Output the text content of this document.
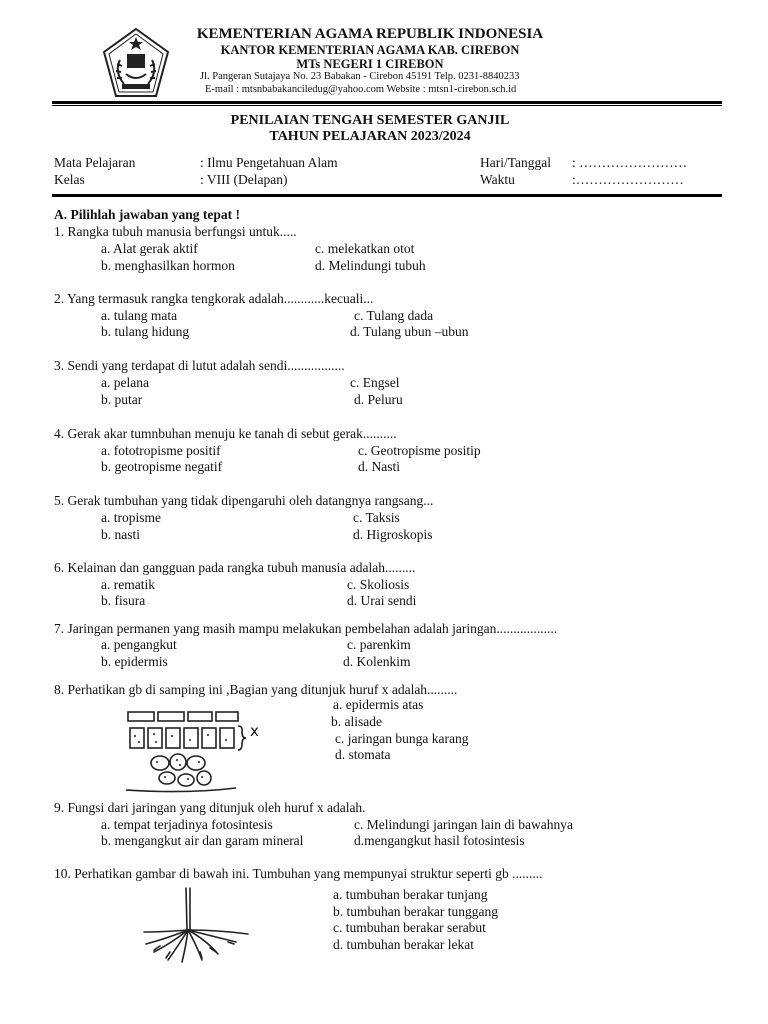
KEMENTERIAN AGAMA REPUBLIK INDONESIA
KANTOR KEMENTERIAN AGAMA KAB. CIREBON
MTs NEGERI 1 CIREBON
Jl. Pangeran Sutajaya No. 23 Babakan - Cirebon 45191 Telp. 0231-8840233
E-mail : mtsnbabakanciledug@yahoo.com Website : mtsn1-cirebon.sch.id
PENILAIAN TENGAH SEMESTER GANJIL
TAHUN PELAJARAN 2023/2024
Mata Pelajaran	: Ilmu Pengetahuan Alam	Hari/Tanggal : ……………………
Kelas	: VIII (Delapan)	Waktu	:……………………
A. Pilihlah jawaban yang tepat !
1. Rangka tubuh manusia berfungsi untuk.....
a. Alat gerak aktif	c. melekatkan otot
b. menghasilkan hormon	d. Melindungi tubuh
2. Yang termasuk rangka tengkorak adalah............kecuali...
a. tulang mata	c. Tulang dada
b. tulang hidung	d. Tulang ubun –ubun
3. Sendi yang terdapat di lutut adalah sendi.................
a. pelana	c. Engsel
b. putar	d. Peluru
4. Gerak akar tumnbuhan menuju ke tanah di sebut gerak..........
a. fototropisme positif	c. Geotropisme positip
b. geotropisme negatif	d. Nasti
5. Gerak tumbuhan yang tidak dipengaruhi oleh datangnya rangsang...
a. tropisme	c. Taksis
b. nasti	d. Higroskopis
6. Kelainan dan gangguan pada rangka tubuh manusia adalah.........
a. rematik	c. Skoliosis
b. fisura	d. Urai sendi
7. Jaringan permanen yang masih mampu melakukan pembelahan adalah jaringan..................
a. pengangkut	c. parenkim
b. epidermis	d. Kolenkim
8. Perhatikan gb di samping ini ,Bagian yang ditunjuk huruf x adalah.........
a. epidermis atas
b. alisade
c. jaringan bunga karang
d. stomata
x
9. Fungsi dari jaringan yang ditunjuk oleh huruf x adalah.
a. tempat terjadinya fotosintesis	c. Melindungi jaringan lain di bawahnya
b. mengangkut air dan garam mineral	d.mengangkut hasil fotosintesis
10. Perhatikan gambar di bawah ini. Tumbuhan yang mempunyai struktur seperti gb .........
a. tumbuhan berakar tunjang
b. tumbuhan berakar tunggang
c. tumbuhan berakar serabut
d. tumbuhan berakar lekat
